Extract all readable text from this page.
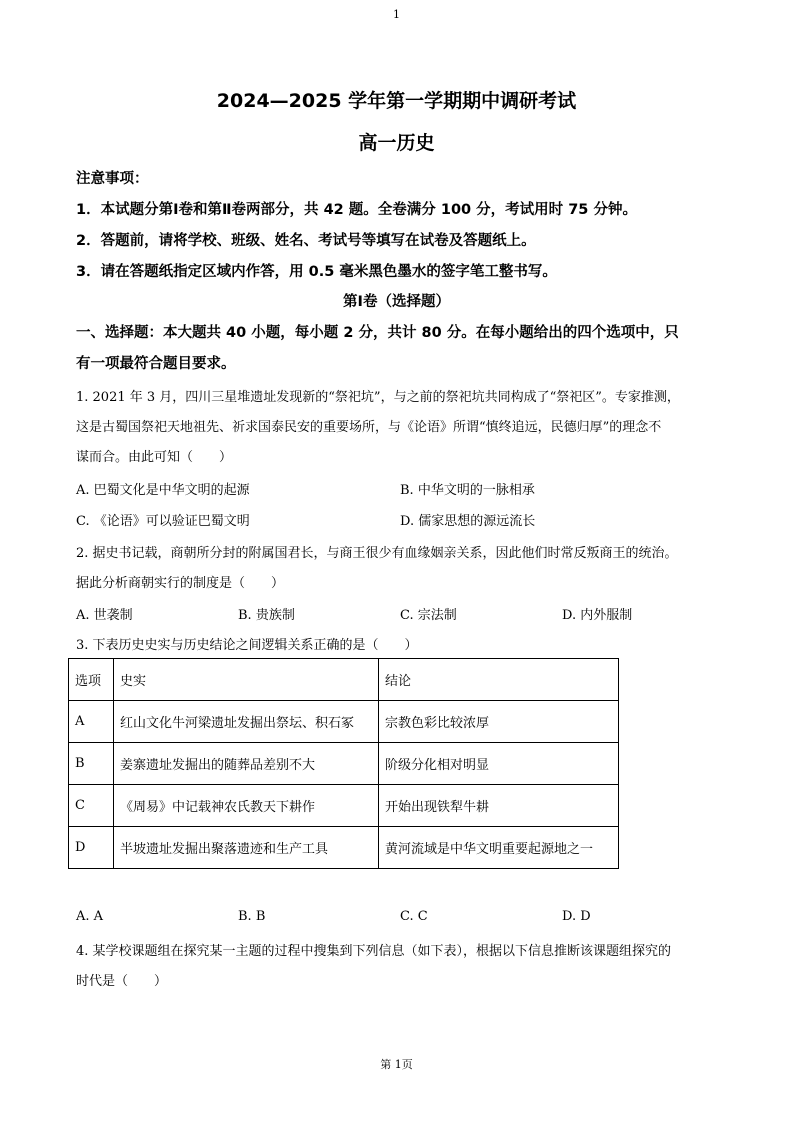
1
2024—2025 学年第一学期期中调研考试
高一历史
注意事项：
1．本试题分第Ⅰ卷和第Ⅱ卷两部分，共 42 题。全卷满分 100 分，考试用时 75 分钟。
2．答题前，请将学校、班级、姓名、考试号等填写在试卷及答题纸上。
3．请在答题纸指定区域内作答，用 0.5 毫米黑色墨水的签字笔工整书写。
第Ⅰ卷（选择题）
一、选择题：本大题共 40 小题，每小题 2 分，共计 80 分。在每小题给出的四个选项中，只
有一项最符合题目要求。
1. 2021 年 3 月，四川三星堆遗址发现新的“祭祀坑”，与之前的祭祀坑共同构成了“祭祀区”。专家推测，
这是古蜀国祭祀天地祖先、祈求国泰民安的重要场所，与《论语》所谓“慎终追远，民德归厚”的理念不
谋而合。由此可知（　　）
A. 巴蜀文化是中华文明的起源	B. 中华文明的一脉相承
C. 《论语》可以验证巴蜀文明	D. 儒家思想的源远流长
2. 据史书记载，商朝所分封的附属国君长，与商王很少有血缘姻亲关系，因此他们时常反叛商王的统治。
据此分析商朝实行的制度是（　　）
A. 世袭制	B. 贵族制	C. 宗法制	D. 内外服制
3. 下表历史史实与历史结论之间逻辑关系正确的是（　　）
选项	史实	结论
A	红山文化牛河梁遗址发掘出祭坛、积石冢	宗教色彩比较浓厚
B	姜寨遗址发掘出的随葬品差别不大	阶级分化相对明显
C	《周易》中记载神农氏教天下耕作	开始出现铁犁牛耕
D	半坡遗址发掘出聚落遗迹和生产工具	黄河流域是中华文明重要起源地之一
A. A	B. B	C. C	D. D
4. 某学校课题组在探究某一主题的过程中搜集到下列信息（如下表），根据以下信息推断该课题组探究的
时代是（　　）
第 1页
